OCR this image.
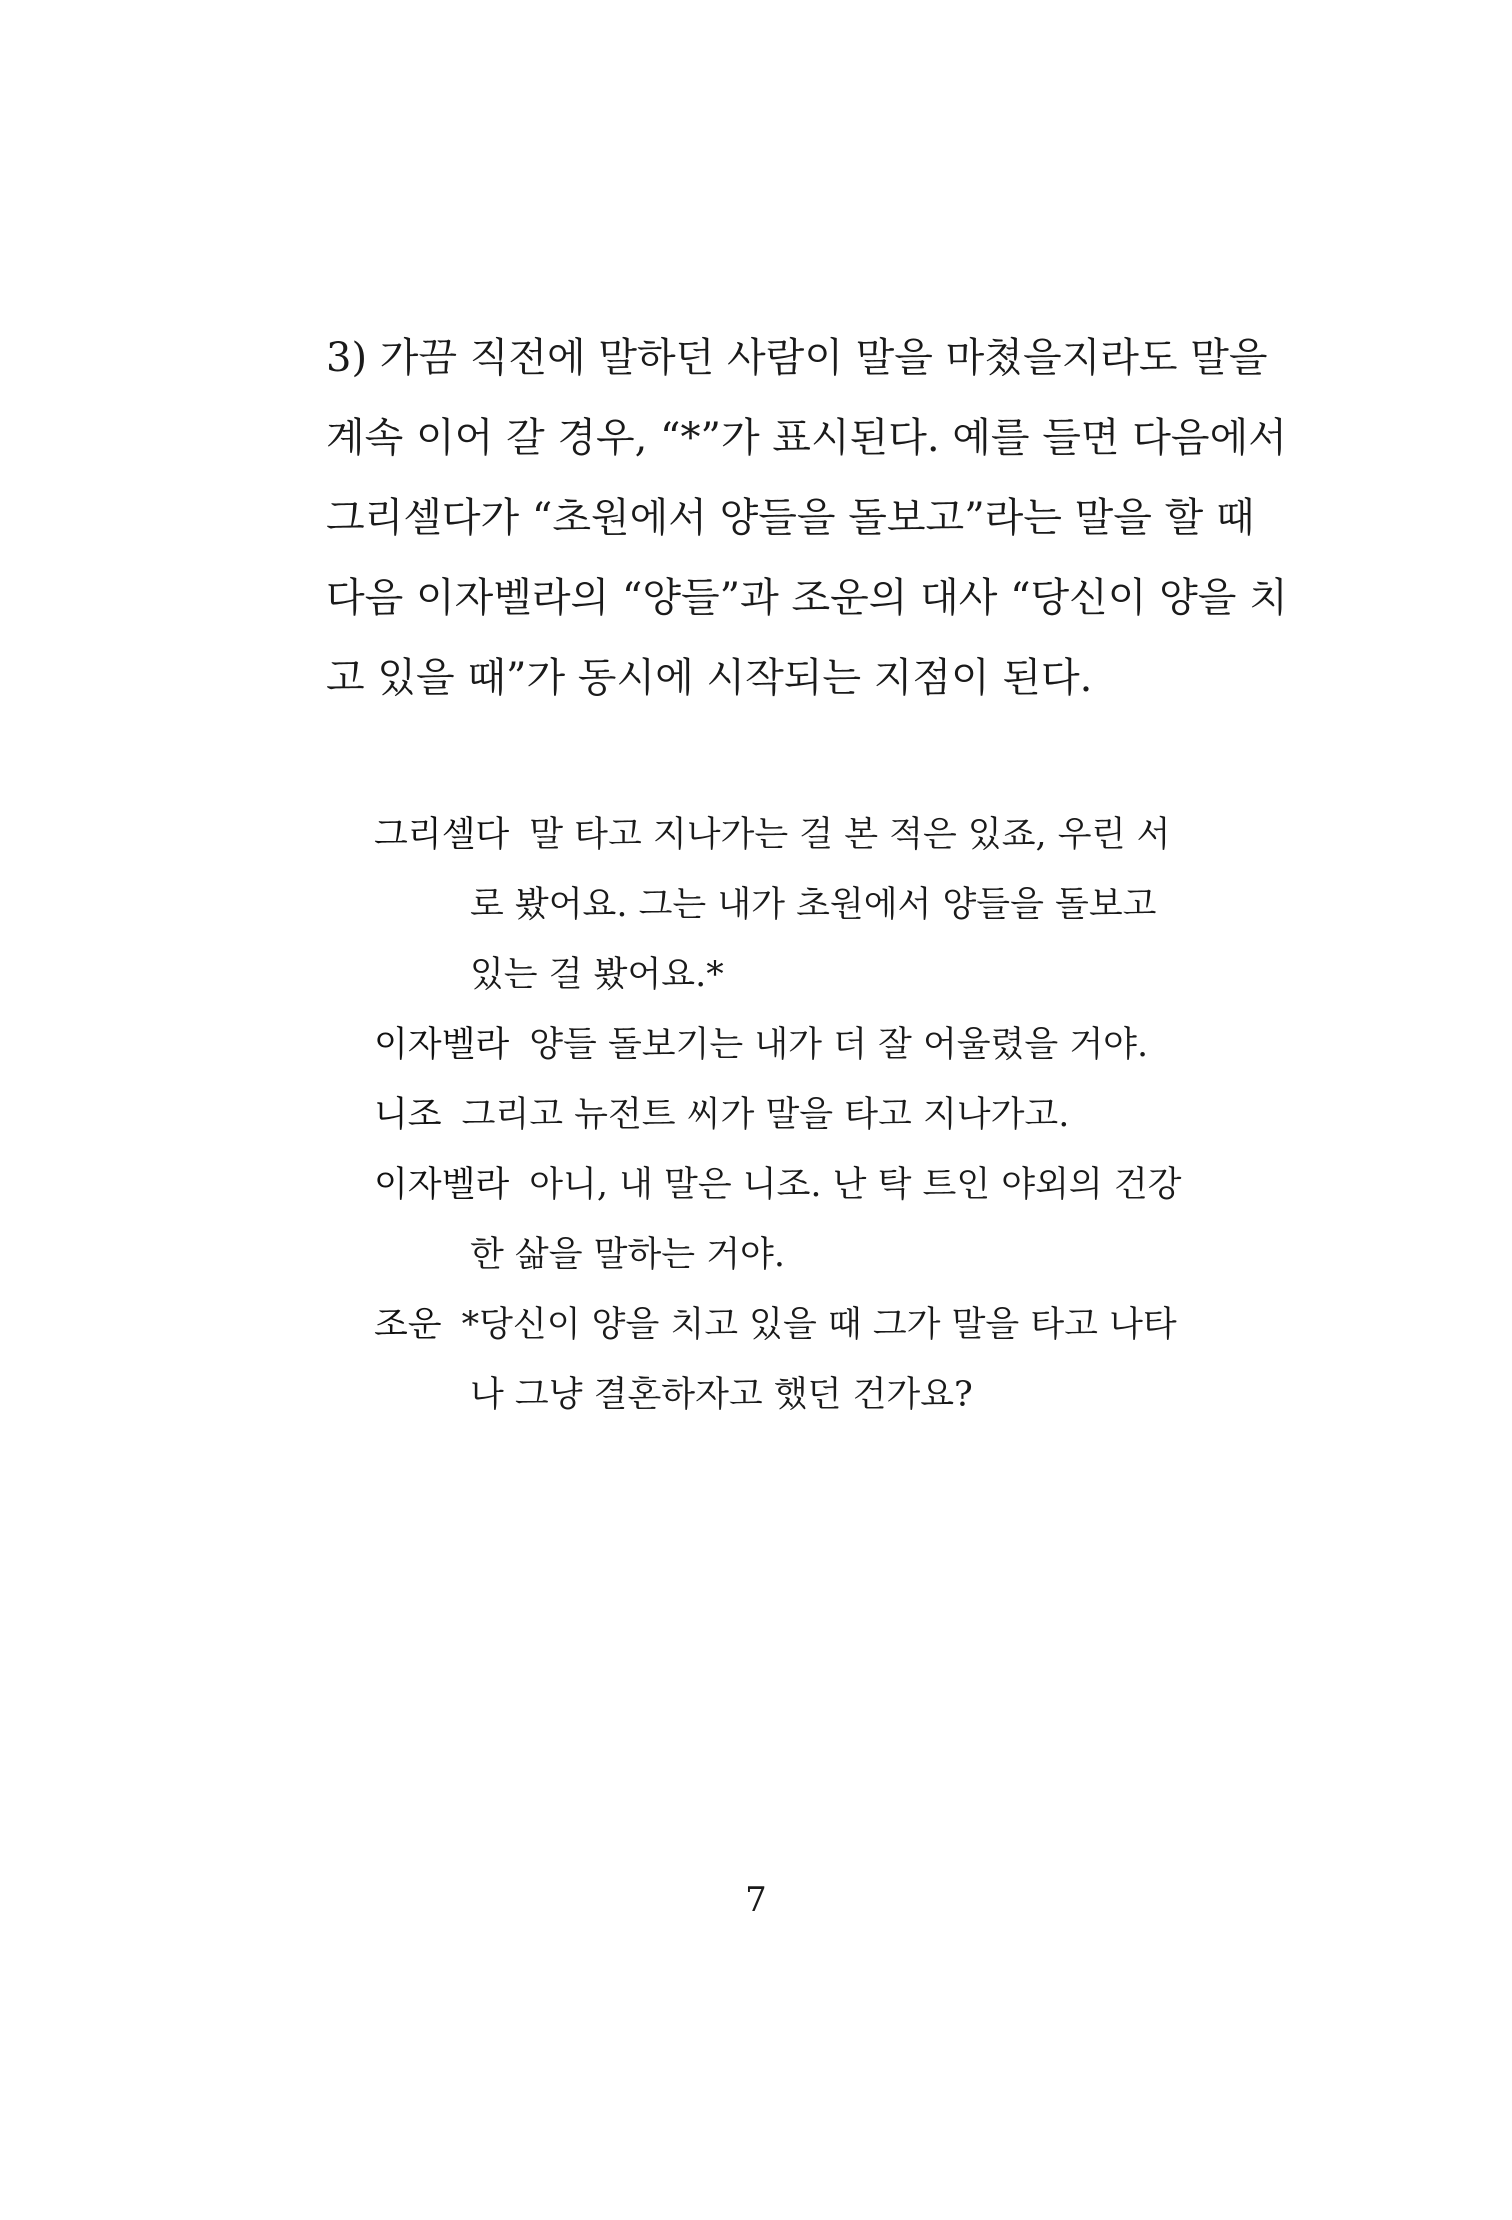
3) 가끔 직전에 말하던 사람이 말을 마쳤을지라도 말을
계속 이어 갈 경우, “*”가 표시된다. 예를 들면 다음에서
그리셀다가 “초원에서 양들을 돌보고”라는 말을 할 때
다음 이자벨라의 “양들”과 조운의 대사 “당신이 양을 치
고 있을 때”가 동시에 시작되는 지점이 된다.
그리셀다 말 타고 지나가는 걸 본 적은 있죠, 우린 서
로 봤어요. 그는 내가 초원에서 양들을 돌보고
있는 걸 봤어요.*
이자벨라 양들 돌보기는 내가 더 잘 어울렸을 거야.
니조 그리고 뉴전트 씨가 말을 타고 지나가고.
이자벨라 아니, 내 말은 니조. 난 탁 트인 야외의 건강
한 삶을 말하는 거야.
조운 *당신이 양을 치고 있을 때 그가 말을 타고 나타
나 그냥 결혼하자고 했던 건가요?
7
